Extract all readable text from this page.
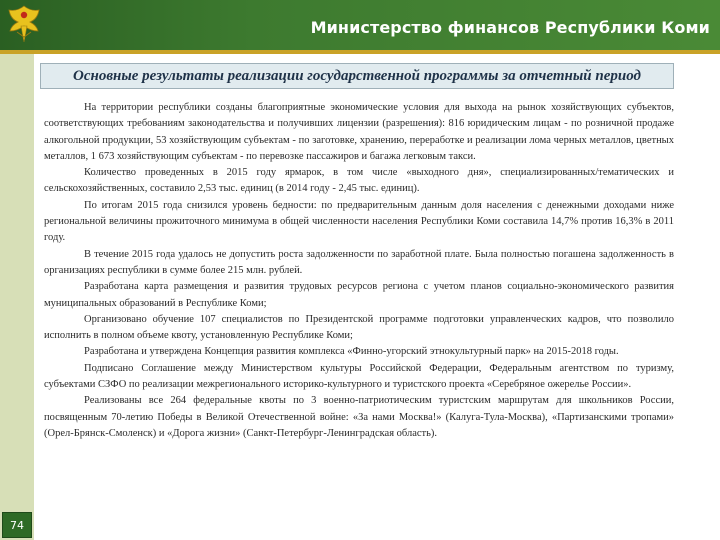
Министерство финансов Республики Коми
74
Основные результаты реализации государственной программы за отчетный период

На территории республики созданы благоприятные экономические условия для выхода на рынок хозяйствующих субъектов, соответствующих требованиям законодательства и получивших лицензии (разрешения): 816 юридическим лицам - по розничной продаже алкогольной продукции, 53 хозяйствующим субъектам - по заготовке, хранению, переработке и реализации лома черных металлов, цветных металлов, 1 673 хозяйствующим субъектам - по перевозке пассажиров и багажа легковым такси.

Количество проведенных в 2015 году ярмарок, в том числе «выходного дня», специализированных/тематических и сельскохозяйственных, составило 2,53 тыс. единиц (в 2014 году - 2,45 тыс. единиц).

По итогам 2015 года снизился уровень бедности: по предварительным данным доля населения с денежными доходами ниже региональной величины прожиточного минимума в общей численности населения Республики Коми составила 14,7% против 16,3% в 2011 году.

В течение 2015 года удалось не допустить роста задолженности по заработной плате. Была полностью погашена задолженность в организациях республики в сумме более 215 млн. рублей.

Разработана карта размещения и развития трудовых ресурсов региона с учетом планов социально-экономического развития муниципальных образований в Республике Коми;

Организовано обучение 107 специалистов по Президентской программе подготовки управленческих кадров, что позволило исполнить в полном объеме квоту, установленную Республике Коми;

Разработана и утверждена Концепция развития комплекса «Финно-угорский этнокультурный парк» на 2015-2018 годы.

Подписано Соглашение между Министерством культуры Российской Федерации, Федеральным агентством по туризму, субъектами СЗФО по реализации межрегионального историко-культурного и туристского проекта «Серебряное ожерелье России».

Реализованы все 264 федеральные квоты по 3 военно-патриотическим туристским маршрутам для школьников России, посвященным 70-летию Победы в Великой Отечественной войне: «За нами Москва!» (Калуга-Тула-Москва), «Партизанскими тропами» (Орел-Брянск-Смоленск) и «Дорога жизни» (Санкт-Петербург-Ленинградская область).
